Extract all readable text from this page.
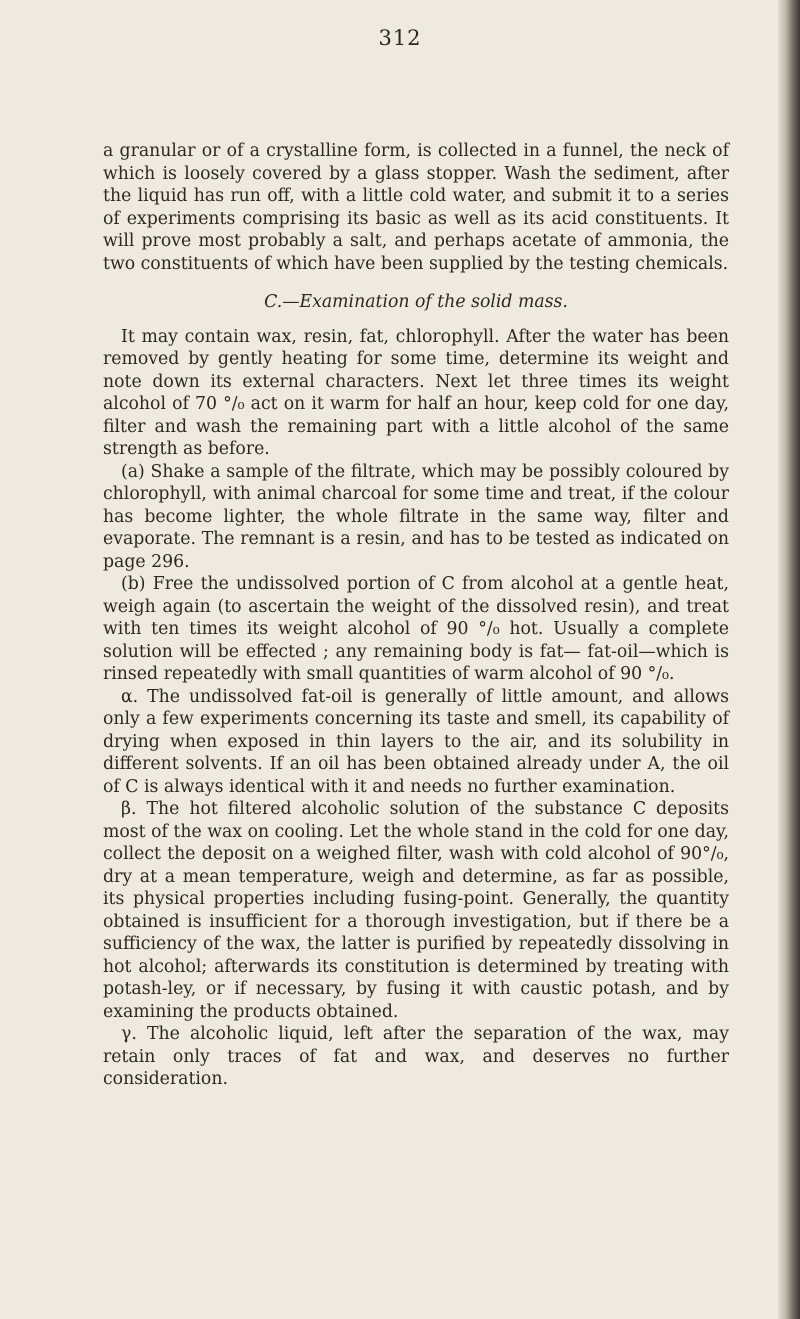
312

a granular or of a crystalline form, is collected in a funnel, the neck of which is loosely covered by a glass stopper. Wash the sediment, after the liquid has run off, with a little cold water, and submit it to a series of experiments comprising its basic as well as its acid constituents. It will prove most probably a salt, and perhaps acetate of ammonia, the two constituents of which have been supplied by the testing chemicals.

C.—Examination of the solid mass.

It may contain wax, resin, fat, chlorophyll. After the water has been removed by gently heating for some time, determine its weight and note down its external characters. Next let three times its weight alcohol of 70 °/₀ act on it warm for half an hour, keep cold for one day, filter and wash the remaining part with a little alcohol of the same strength as before.

(a) Shake a sample of the filtrate, which may be possibly coloured by chlorophyll, with animal charcoal for some time and treat, if the colour has become lighter, the whole filtrate in the same way, filter and evaporate. The remnant is a resin, and has to be tested as indicated on page 296.

(b) Free the undissolved portion of C from alcohol at a gentle heat, weigh again (to ascertain the weight of the dissolved resin), and treat with ten times its weight alcohol of 90 °/₀ hot. Usually a complete solution will be effected ; any remaining body is fat— fat-oil—which is rinsed repeatedly with small quantities of warm alcohol of 90 °/₀.

α. The undissolved fat-oil is generally of little amount, and allows only a few experiments concerning its taste and smell, its capability of drying when exposed in thin layers to the air, and its solubility in different solvents. If an oil has been obtained already under A, the oil of C is always identical with it and needs no further examination.

β. The hot filtered alcoholic solution of the substance C deposits most of the wax on cooling. Let the whole stand in the cold for one day, collect the deposit on a weighed filter, wash with cold alcohol of 90°/₀, dry at a mean temperature, weigh and determine, as far as possible, its physical properties including fusing-point. Generally, the quantity obtained is insufficient for a thorough investigation, but if there be a sufficiency of the wax, the latter is purified by repeatedly dissolving in hot alcohol; afterwards its constitution is determined by treating with potash-ley, or if necessary, by fusing it with caustic potash, and by examining the products obtained.

γ. The alcoholic liquid, left after the separation of the wax, may retain only traces of fat and wax, and deserves no further consideration.
